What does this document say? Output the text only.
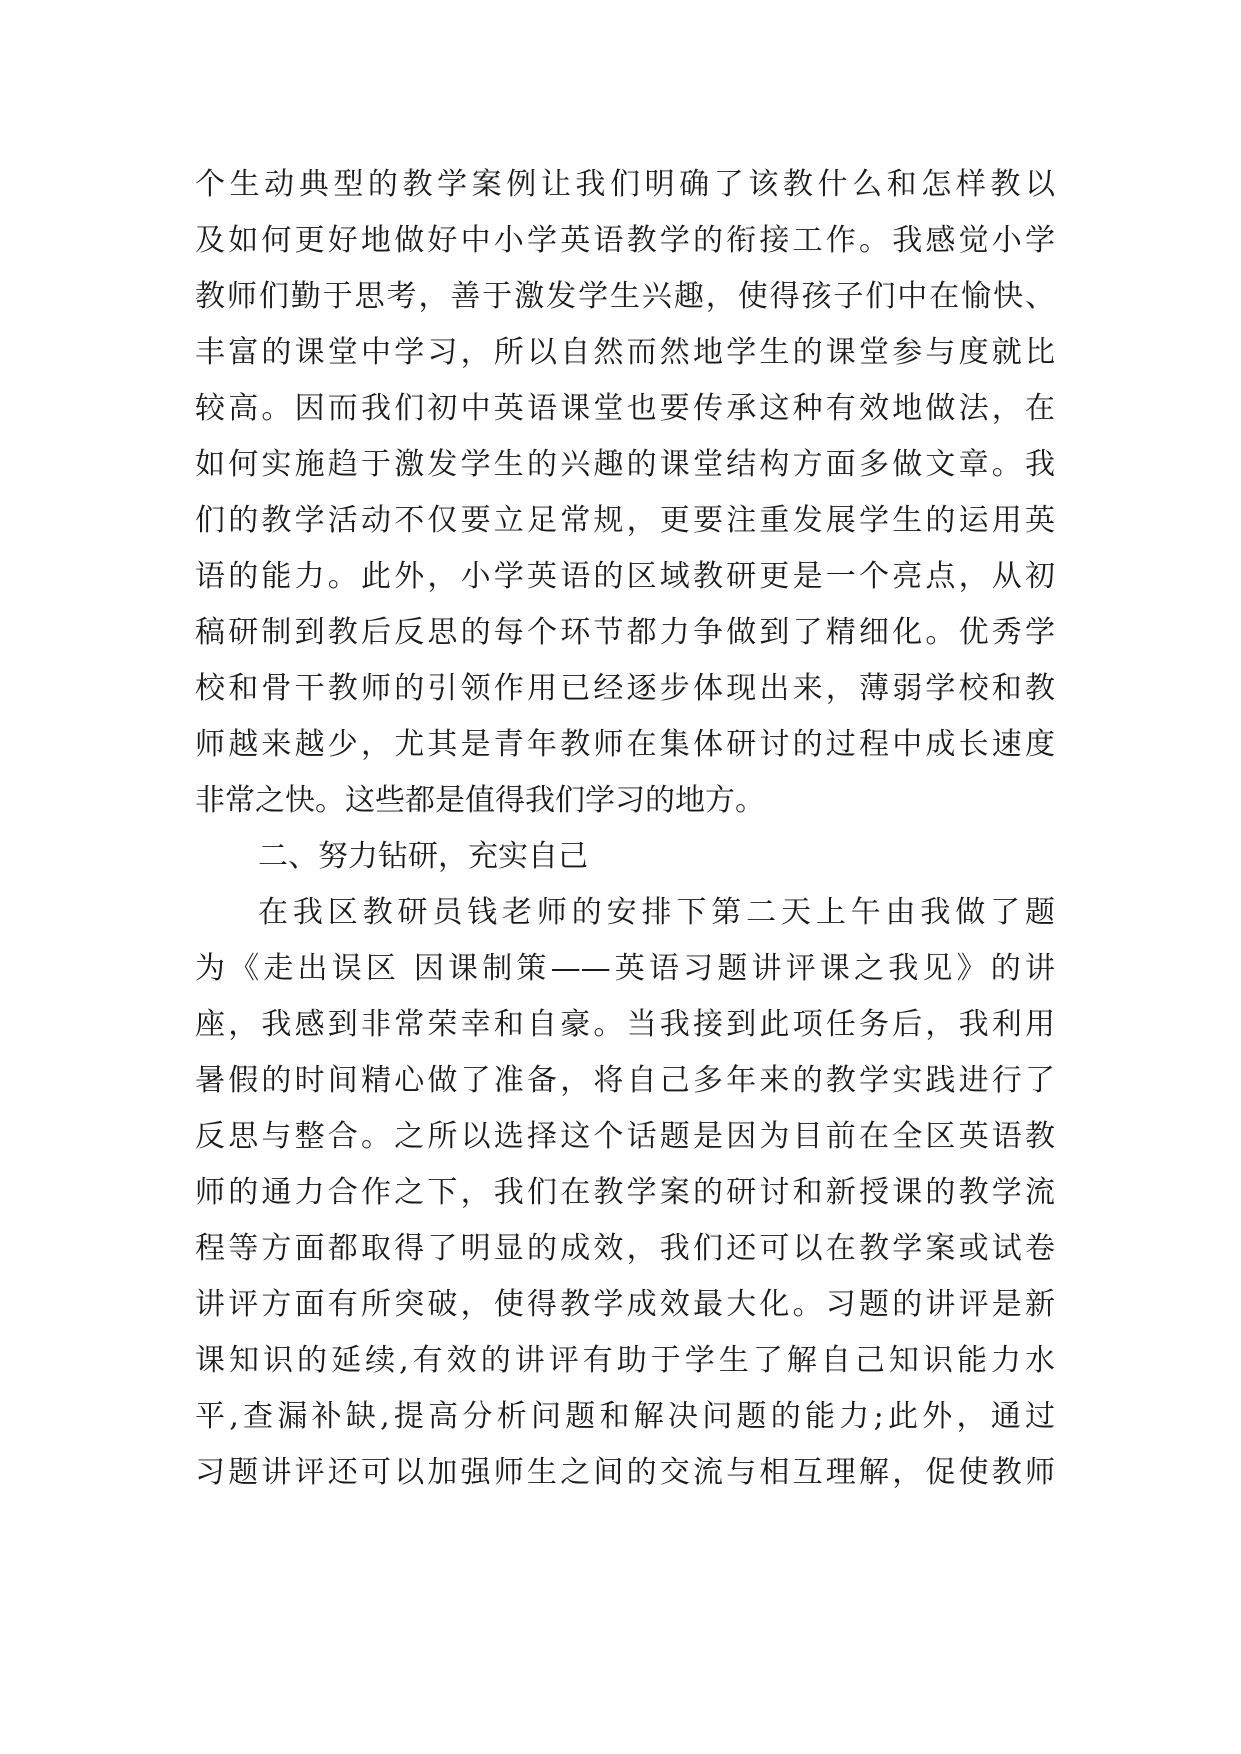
个生动典型的教学案例让我们明确了该教什么和怎样教以
及如何更好地做好中小学英语教学的衔接工作。我感觉小学
教师们勤于思考，善于激发学生兴趣，使得孩子们中在愉快、
丰富的课堂中学习，所以自然而然地学生的课堂参与度就比
较高。因而我们初中英语课堂也要传承这种有效地做法，在
如何实施趋于激发学生的兴趣的课堂结构方面多做文章。我
们的教学活动不仅要立足常规，更要注重发展学生的运用英
语的能力。此外，小学英语的区域教研更是一个亮点，从初
稿研制到教后反思的每个环节都力争做到了精细化。优秀学
校和骨干教师的引领作用已经逐步体现出来，薄弱学校和教
师越来越少，尤其是青年教师在集体研讨的过程中成长速度
非常之快。这些都是值得我们学习的地方。
二、努力钻研，充实自己
在我区教研员钱老师的安排下第二天上午由我做了题
为《走出误区 因课制策——英语习题讲评课之我见》的讲
座，我感到非常荣幸和自豪。当我接到此项任务后，我利用
暑假的时间精心做了准备，将自己多年来的教学实践进行了
反思与整合。之所以选择这个话题是因为目前在全区英语教
师的通力合作之下，我们在教学案的研讨和新授课的教学流
程等方面都取得了明显的成效，我们还可以在教学案或试卷
讲评方面有所突破，使得教学成效最大化。习题的讲评是新
课知识的延续,有效的讲评有助于学生了解自己知识能力水
平,查漏补缺,提高分析问题和解决问题的能力;此外，通过
习题讲评还可以加强师生之间的交流与相互理解，促使教师
